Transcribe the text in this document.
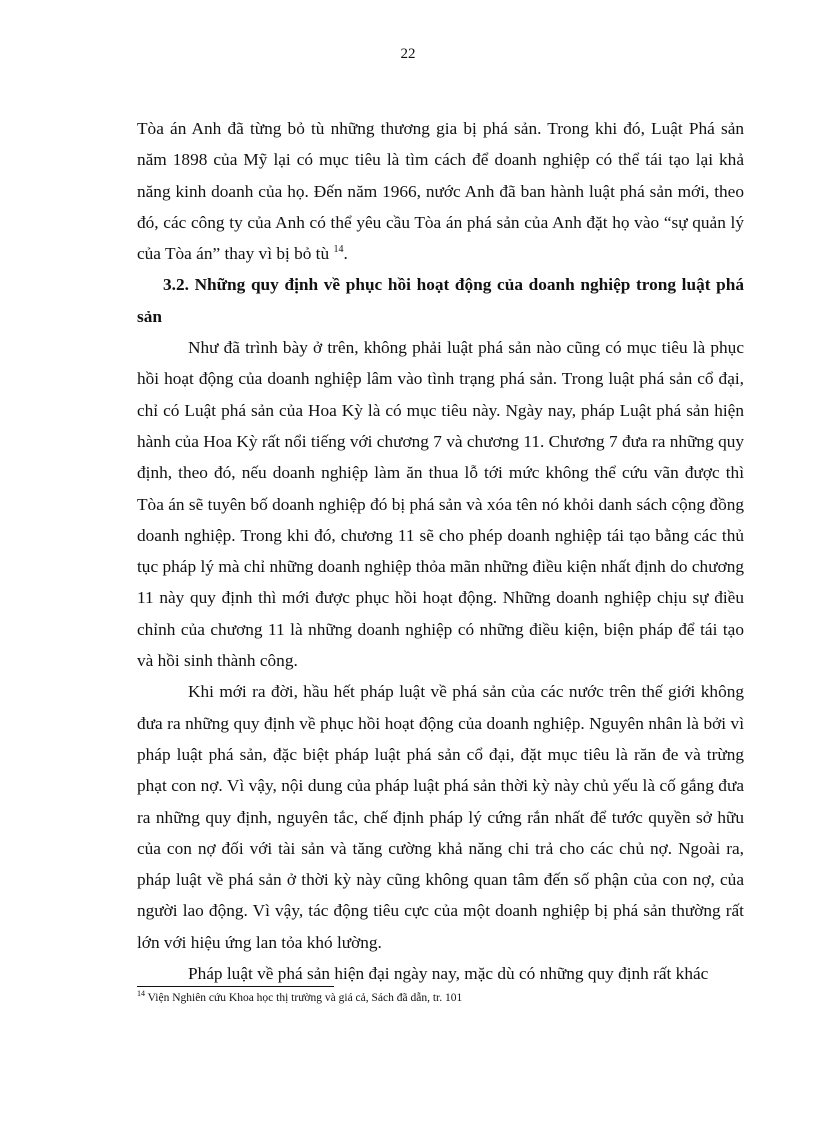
22

Tòa án Anh đã từng bỏ tù những thương gia bị phá sản. Trong khi đó, Luật Phá sản năm 1898 của Mỹ lại có mục tiêu là tìm cách để doanh nghiệp có thể tái tạo lại khả năng kinh doanh của họ. Đến năm 1966, nước Anh đã ban hành luật phá sản mới, theo đó, các công ty của Anh có thể yêu cầu Tòa án phá sản của Anh đặt họ vào “sự quản lý của Tòa án” thay vì bị bỏ tù $^{14}$.

3.2. Những quy định về phục hồi hoạt động của doanh nghiệp trong luật phá sản

Như đã trình bày ở trên, không phải luật phá sản nào cũng có mục tiêu là phục hồi hoạt động của doanh nghiệp lâm vào tình trạng phá sản. Trong luật phá sản cổ đại, chỉ có Luật phá sản của Hoa Kỳ là có mục tiêu này. Ngày nay, pháp Luật phá sản hiện hành của Hoa Kỳ rất nổi tiếng với chương 7 và chương 11. Chương 7 đưa ra những quy định, theo đó, nếu doanh nghiệp làm ăn thua lỗ tới mức không thể cứu vãn được thì Tòa án sẽ tuyên bố doanh nghiệp đó bị phá sản và xóa tên nó khỏi danh sách cộng đồng doanh nghiệp. Trong khi đó, chương 11 sẽ cho phép doanh nghiệp tái tạo bằng các thủ tục pháp lý mà chỉ những doanh nghiệp thỏa mãn những điều kiện nhất định do chương 11 này quy định thì mới được phục hồi hoạt động. Những doanh nghiệp chịu sự điều chỉnh của chương 11 là những doanh nghiệp có những điều kiện, biện pháp để tái tạo và hồi sinh thành công.

Khi mới ra đời, hầu hết pháp luật về phá sản của các nước trên thế giới không đưa ra những quy định về phục hồi hoạt động của doanh nghiệp. Nguyên nhân là bởi vì pháp luật phá sản, đặc biệt pháp luật phá sản cổ đại, đặt mục tiêu là răn đe và trừng phạt con nợ. Vì vậy, nội dung của pháp luật phá sản thời kỳ này chủ yếu là cố gắng đưa ra những quy định, nguyên tắc, chế định pháp lý cứng rắn nhất để tước quyền sở hữu của con nợ đối với tài sản và tăng cường khả năng chi trả cho các chủ nợ. Ngoài ra, pháp luật về phá sản ở thời kỳ này cũng không quan tâm đến số phận của con nợ, của người lao động. Vì vậy, tác động tiêu cực của một doanh nghiệp bị phá sản thường rất lớn với hiệu ứng lan tỏa khó lường.

Pháp luật về phá sản hiện đại ngày nay, mặc dù có những quy định rất khác

$^{14}$ Viện Nghiên cứu Khoa học thị trường và giá cả, Sách đã dẫn, tr. 101
